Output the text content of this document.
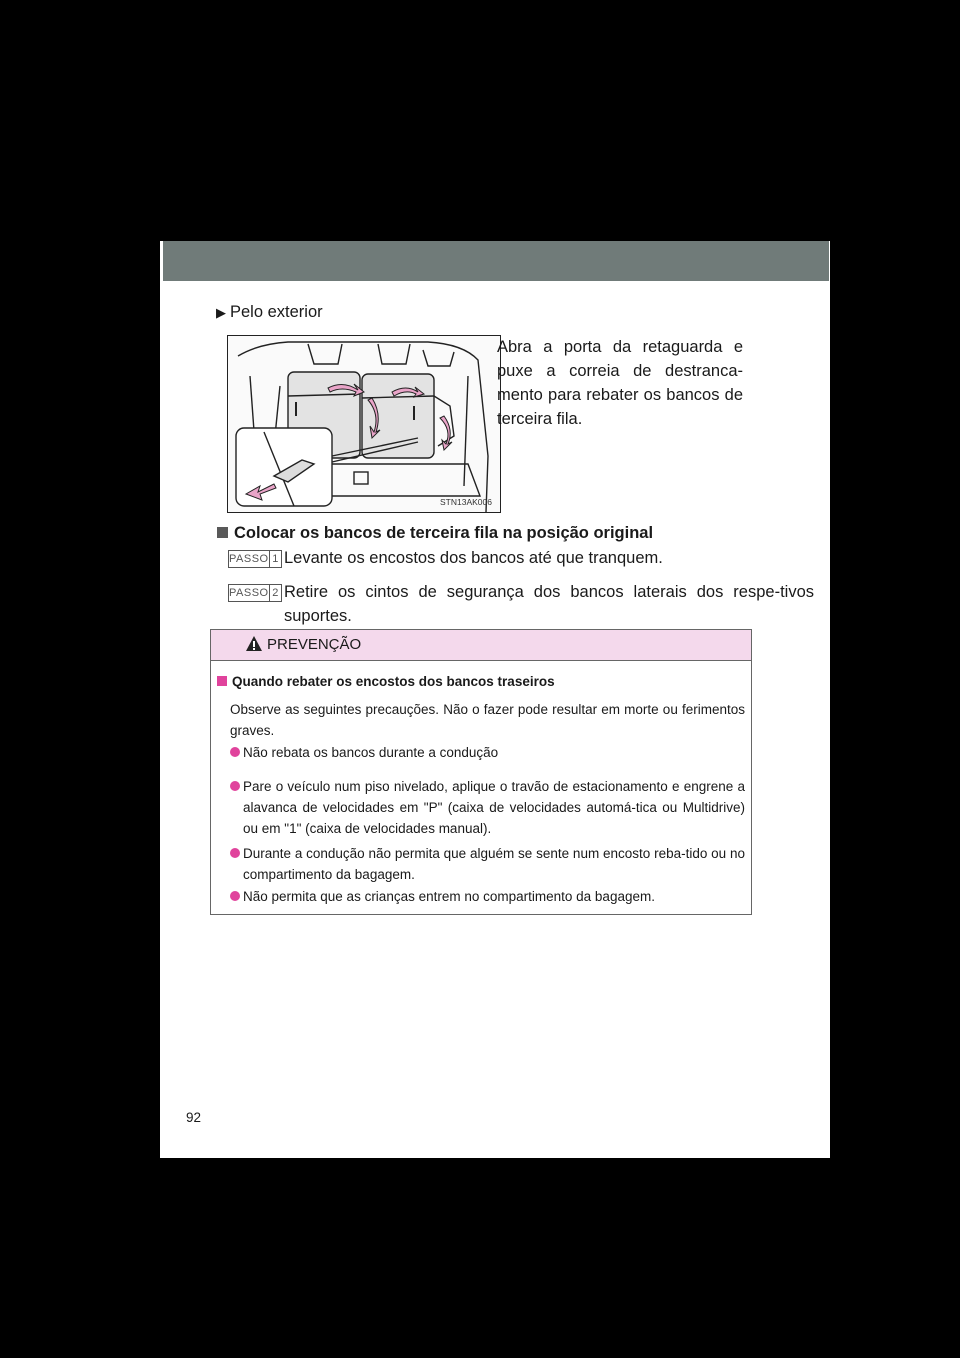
▶ Pelo exterior
STN13AK006
Abra a porta da retaguarda e puxe a correia de destranca-mento para rebater os bancos de terceira fila.
Colocar os bancos de terceira fila na posição original
PASSO 1 Levante os encostos dos bancos até que tranquem.
PASSO 2 Retire os cintos de segurança dos bancos laterais dos respe-tivos suportes.
PREVENÇÃO
Quando rebater os encostos dos bancos traseiros
Observe as seguintes precauções. Não o fazer pode resultar em morte ou ferimentos graves.
Não rebata os bancos durante a condução
Pare o veículo num piso nivelado, aplique o travão de estacionamento e engrene a alavanca de velocidades em "P" (caixa de velocidades automá-tica ou Multidrive) ou em "1" (caixa de velocidades manual).
Durante a condução não permita que alguém se sente num encosto reba-tido ou no compartimento da bagagem.
Não permita que as crianças entrem no compartimento da bagagem.
92
